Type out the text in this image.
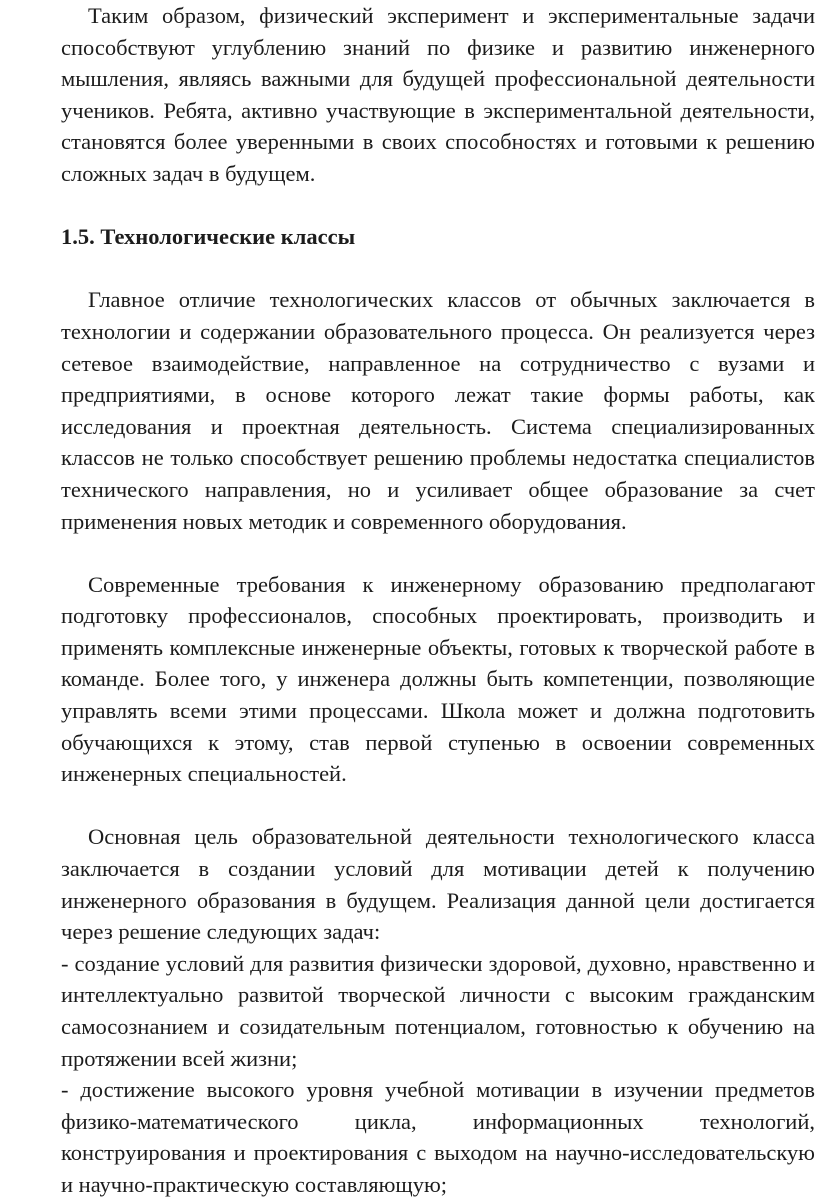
Таким образом, физический эксперимент и экспериментальные задачи способствуют углублению знаний по физике и развитию инженерного мышления, являясь важными для будущей профессиональной деятельности учеников. Ребята, активно участвующие в экспериментальной деятельности, становятся более уверенными в своих способностях и готовыми к решению сложных задач в будущем.

1.5. Технологические классы

Главное отличие технологических классов от обычных заключается в технологии и содержании образовательного процесса. Он реализуется через сетевое взаимодействие, направленное на сотрудничество с вузами и предприятиями, в основе которого лежат такие формы работы, как исследования и проектная деятельность. Система специализированных классов не только способствует решению проблемы недостатка специалистов технического направления, но и усиливает общее образование за счет применения новых методик и современного оборудования.

Современные требования к инженерному образованию предполагают подготовку профессионалов, способных проектировать, производить и применять комплексные инженерные объекты, готовых к творческой работе в команде. Более того, у инженера должны быть компетенции, позволяющие управлять всеми этими процессами. Школа может и должна подготовить обучающихся к этому, став первой ступенью в освоении современных инженерных специальностей.

Основная цель образовательной деятельности технологического класса заключается в создании условий для мотивации детей к получению инженерного образования в будущем. Реализация данной цели достигается через решение следующих задач:

- создание условий для развития физически здоровой, духовно, нравственно и интеллектуально развитой творческой личности с высоким гражданским самосознанием и созидательным потенциалом, готовностью к обучению на протяжении всей жизни;

- достижение высокого уровня учебной мотивации в изучении предметов физико-математического цикла, информационных технологий, конструирования и проектирования с выходом на научно-исследовательскую и научно-практическую составляющую;
